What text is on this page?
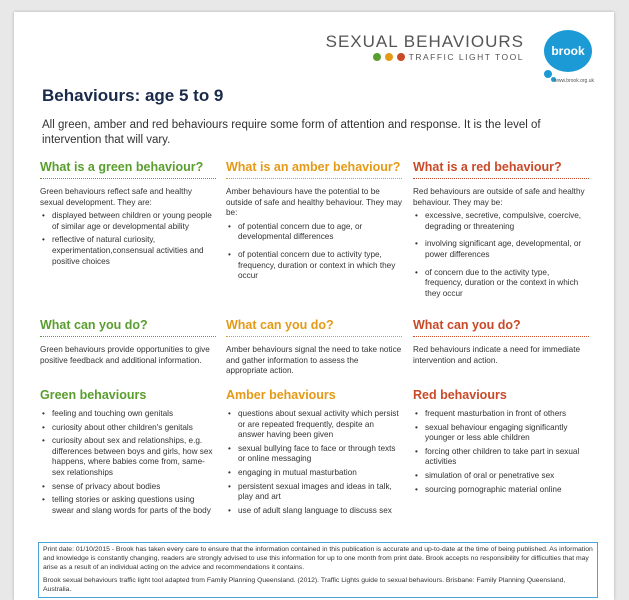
SEXUAL BEHAVIOURS
TRAFFIC LIGHT TOOL	brook
www.brook.org.uk
Behaviours: age 5 to 9
All green, amber and red behaviours require some form of attention and response. It is the level of intervention that will vary.
What is a green behaviour?

Green behaviours reflect safe and healthy sexual development. They are:

• displayed between children or young people of similar age or developmental ability
• reflective of natural curiosity, experimentation,consensual activities and positive choices
What is an amber behaviour?

Amber behaviours have the potential to be outside of safe and healthy behaviour. They may be:

• of potential concern due to age, or developmental differences
• of potential concern due to activity type, frequency, duration or context in which they occur
What is a red behaviour?

Red behaviours are outside of safe and healthy behaviour. They may be:

• excessive, secretive, compulsive, coercive, degrading or threatening
• involving significant age, developmental, or power differences
• of concern due to the activity type, frequency, duration or the context in which they occur
What can you do?

Green behaviours provide opportunities to give positive feedback and additional information.

What can you do?

Amber behaviours signal the need to take notice and gather information to assess the appropriate action.

What can you do?

Red behaviours indicate a need for immediate intervention and action.

Green behaviours
• feeling and touching own genitals
• curiosity about other children's genitals
• curiosity about sex and relationships, e.g. differences between boys and girls, how sex happens, where babies come from, same-sex relationships
• sense of privacy about bodies
• telling stories or asking questions using swear and slang words for parts of the body
Amber behaviours
• questions about sexual activity which persist or are repeated frequently, despite an answer having been given
• sexual bullying face to face or through texts or online messaging
• engaging in mutual masturbation
• persistent sexual images and ideas in talk, play and art
• use of adult slang language to discuss sex
Red behaviours
• frequent masturbation in front of others
• sexual behaviour engaging significantly younger or less able children
• forcing other children to take part in sexual activities
• simulation of oral or penetrative sex
• sourcing pornographic material online

Print date: 01/10/2015 - Brook has taken every care to ensure that the information contained in this publication is accurate and up-to-date at the time of being published. As information and knowledge is constantly changing, readers are strongly advised to use this information for up to one month from print date. Brook accepts no responsibility for difficulties that may arise as a result of an individual acting on the advice and recommendations it contains.

Brook sexual behaviours traffic light tool adapted from Family Planning Queensland. (2012). Traffic Lights guide to sexual behaviours. Brisbane: Family Planning Queensland, Australia.
